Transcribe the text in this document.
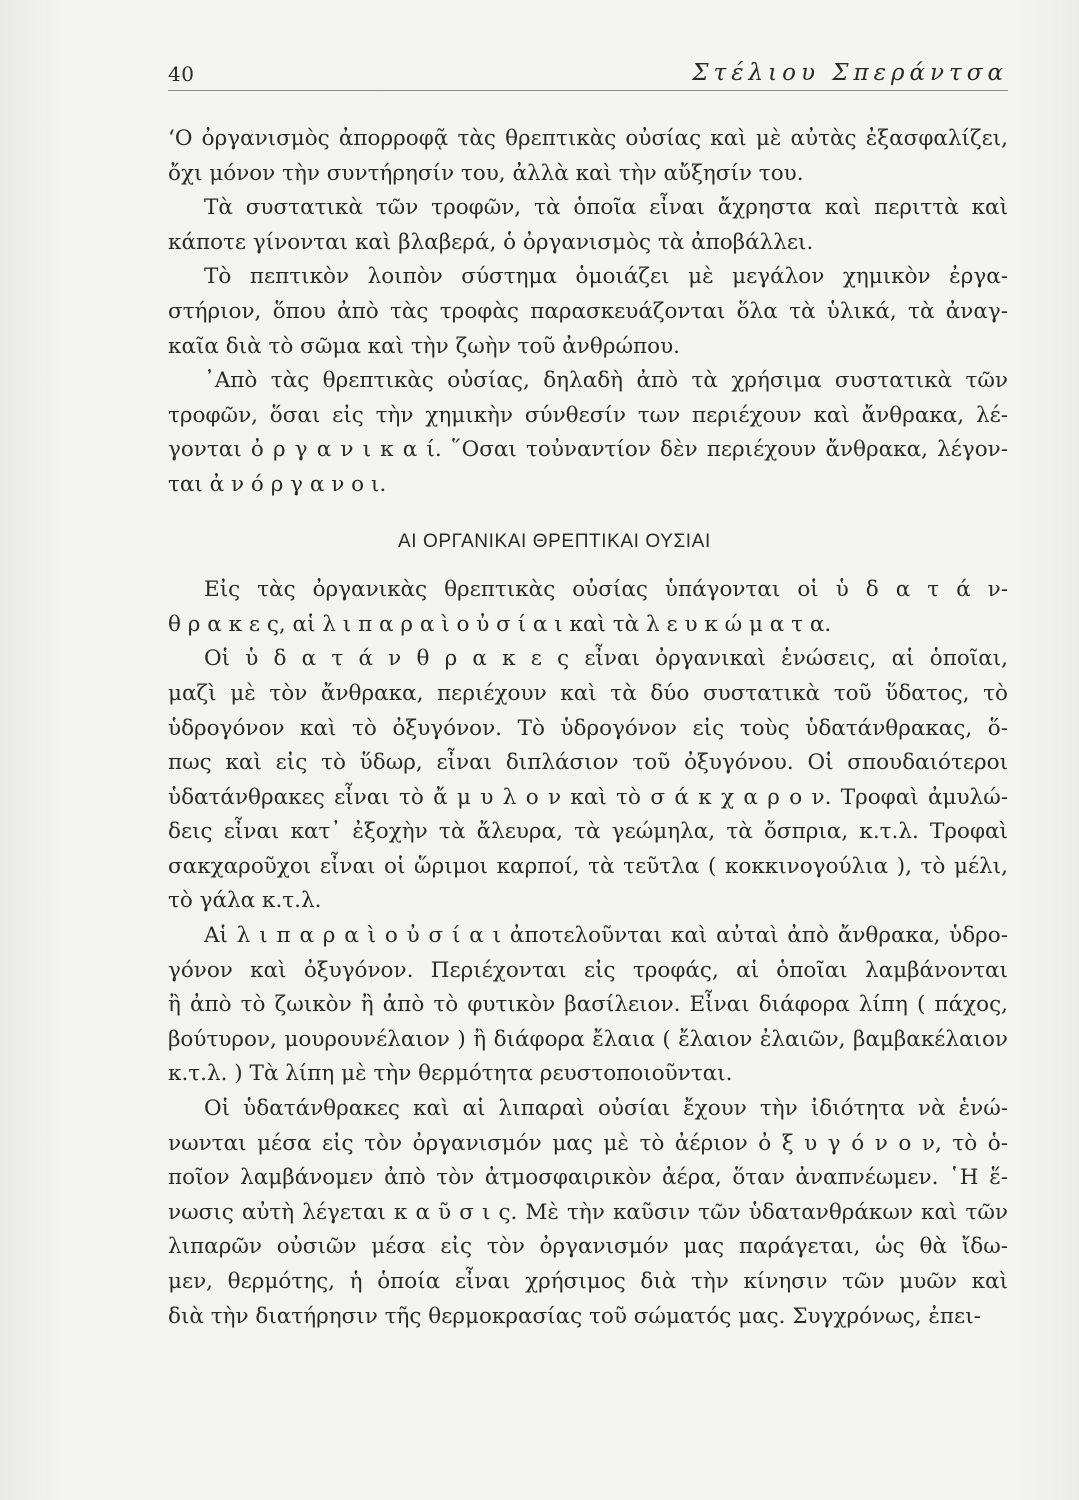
40	Στέλιου Σπεράντσα
‘Ο ὀργανισμὸς ἀπορροφᾷ τὰς θρεπτικὰς οὐσίας καὶ μὲ αὐτὰς ἐξασφαλίζει,
ὄχι μόνον τὴν συντήρησίν του, ἀλλὰ καὶ τὴν αὔξησίν του.
Τὰ συστατικὰ τῶν τροφῶν, τὰ ὁποῖα εἶναι ἄχρηστα καὶ περιττὰ καὶ
κάποτε γίνονται καὶ βλαβερά, ὁ ὀργανισμὸς τὰ ἀποβάλλει.
Τὸ πεπτικὸν λοιπὸν σύστημα ὁμοιάζει μὲ μεγάλον χημικὸν ἐργα-
στήριον, ὅπου ἀπὸ τὰς τροφὰς παρασκευάζονται ὅλα τὰ ὑλικά, τὰ ἀναγ-
καῖα διὰ τὸ σῶμα καὶ τὴν ζωὴν τοῦ ἀνθρώπου.
᾿Απὸ τὰς θρεπτικὰς οὐσίας, δηλαδὴ ἀπὸ τὰ χρήσιμα συστατικὰ τῶν
τροφῶν, ὅσαι εἰς τὴν χημικὴν σύνθεσίν των περιέχουν καὶ ἄνθρακα, λέ-
γονται ὀ ρ γ α ν ι κ α ί. ῞Οσαι τοὐναντίον δὲν περιέχουν ἄνθρακα, λέγον-
ται ἀ ν ό ρ γ α ν ο ι.
ΑΙ ΟΡΓΑΝΙΚΑΙ ΘΡΕΠΤΙΚΑΙ ΟΥΣΙΑΙ
Εἰς τὰς ὀργανικὰς θρεπτικὰς οὐσίας ὑπάγονται οἱ ὑ δ α τ ά ν-
θ ρ α κ ε ς, αἱ λ ι π α ρ α ὶ ο ὐ σ ί α ι καὶ τὰ λ ε υ κ ώ μ α τ α.
Οἱ ὑ δ α τ ά ν θ ρ α κ ε ς εἶναι ὀργανικαὶ ἑνώσεις, αἱ ὁποῖαι,
μαζὶ μὲ τὸν ἄνθρακα, περιέχουν καὶ τὰ δύο συστατικὰ τοῦ ὕδατος, τὸ
ὑδρογόνον καὶ τὸ ὀξυγόνον. Τὸ ὑδρογόνον εἰς τοὺς ὑδατάνθρακας, ὅ-
πως καὶ εἰς τὸ ὕδωρ, εἶναι διπλάσιον τοῦ ὀξυγόνου. Οἱ σπουδαιότεροι
ὑδατάνθρακες εἶναι τὸ ἄ μ υ λ ο ν καὶ τὸ σ ά κ χ α ρ ο ν. Τροφαὶ ἀμυλώ-
δεις εἶναι κατ᾿ ἐξοχὴν τὰ ἄλευρα, τὰ γεώμηλα, τὰ ὄσπρια, κ.τ.λ. Τροφαὶ
σακχαροῦχοι εἶναι οἱ ὥριμοι καρποί, τὰ τεῦτλα ( κοκκινογούλια ), τὸ μέλι,
τὸ γάλα κ.τ.λ.
Αἱ λ ι π α ρ α ὶ ο ὐ σ ί α ι ἀποτελοῦνται καὶ αὐταὶ ἀπὸ ἄνθρακα, ὑδρο-
γόνον καὶ ὀξυγόνον. Περιέχονται εἰς τροφάς, αἱ ὁποῖαι λαμβάνονται
ἢ ἀπὸ τὸ ζωικὸν ἢ ἀπὸ τὸ φυτικὸν βασίλειον. Εἶναι διάφορα λίπη ( πάχος,
βούτυρον, μουρουνέλαιον ) ἢ διάφορα ἔλαια ( ἔλαιον ἐλαιῶν, βαμβακέλαιον
κ.τ.λ. ) Τὰ λίπη μὲ τὴν θερμότητα ρευστοποιοῦνται.
Οἱ ὑδατάνθρακες καὶ αἱ λιπαραὶ οὐσίαι ἔχουν τὴν ἰδιότητα νὰ ἑνώ-
νωνται μέσα εἰς τὸν ὀργανισμόν μας μὲ τὸ ἀέριον ὀ ξ υ γ ό ν ο ν, τὸ ὁ-
ποῖον λαμβάνομεν ἀπὸ τὸν ἀτμοσφαιρικὸν ἀέρα, ὅταν ἀναπνέωμεν. ῾Η ἕ-
νωσις αὐτὴ λέγεται κ α ῦ σ ι ς. Μὲ τὴν καῦσιν τῶν ὑδατανθράκων καὶ τῶν
λιπαρῶν οὐσιῶν μέσα εἰς τὸν ὀργανισμόν μας παράγεται, ὡς θὰ ἴδω-
μεν, θερμότης, ἡ ὁποία εἶναι χρήσιμος διὰ τὴν κίνησιν τῶν μυῶν καὶ
διὰ τὴν διατήρησιν τῆς θερμοκρασίας τοῦ σώματός μας. Συγχρόνως, ἐπει-
